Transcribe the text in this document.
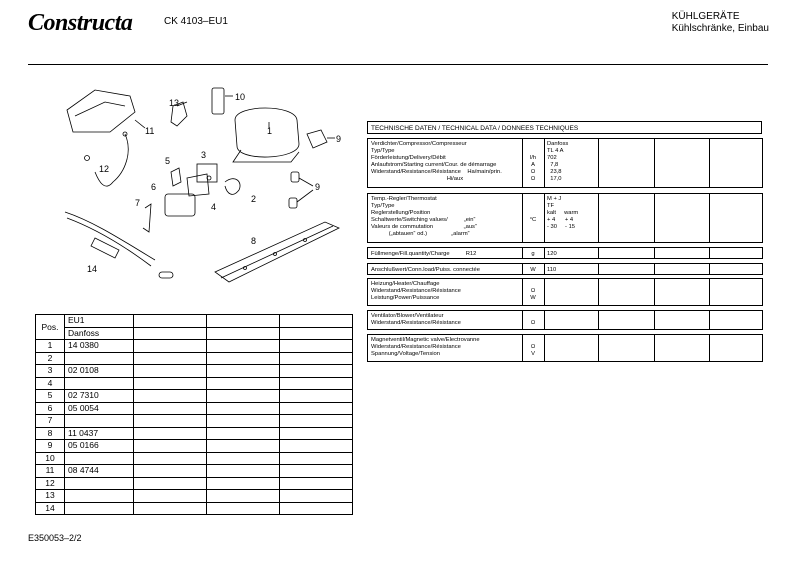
Constructa	CK 4103–EU1	KÜHLGERÄTE
Kühlschränke, Einbau
1
2
3
4
5
6
7
8
9
9
10
11
12
13
14
Pos.	EU1			
	Danfoss			
1	14 0380			
2				
3	02 0108			
4				
5	02 7310			
6	05 0054			
7				
8	11 0437			
9	05 0166			
10				
11	08 4744			
12				
13				
14				
TECHNISCHE DATEN / TECHNICAL DATA / DONNEES TECHNIQUES
Verdichter/Compressor/Compresseur	Danfoss
Typ/Type	TL 4 A
Förderleistung/Delivery/Débit	l/h	702
Anlaufstrom/Starting current/Cour. de démarrage	A	7,8
Widerstand/Resistance/Résistance    Ha/main/prin.	Ω	23,8
Hi/aux	Ω	17,0
Temp.-Regler/Thermostat	M + J
Typ/Type	TF
Reglerstellung/Position	kalt     warm
Schaltwerte/Switching values/          „ein“	°C	+ 4      + 4
Valeurs de commutation                   „aus“	- 30     - 15
(„abtauen“ od.)               „alarm“
Füllmenge/Fill.quantity/Charge          R12	g	120
Anschlußwert/Conn.load/Puiss. connectée	W	110
Heizung/Heater/Chauffage
Widerstand/Resistance/Résistance	Ω
Leistung/Power/Puissance	W
Ventilator/Blower/Ventilateur
Widerstand/Resistance/Résistance	Ω
Magnetventil/Magnetic valve/Electrovanne
Widerstand/Resistance/Résistance	Ω
Spannung/Voltage/Tension	V
E350053–2/2
